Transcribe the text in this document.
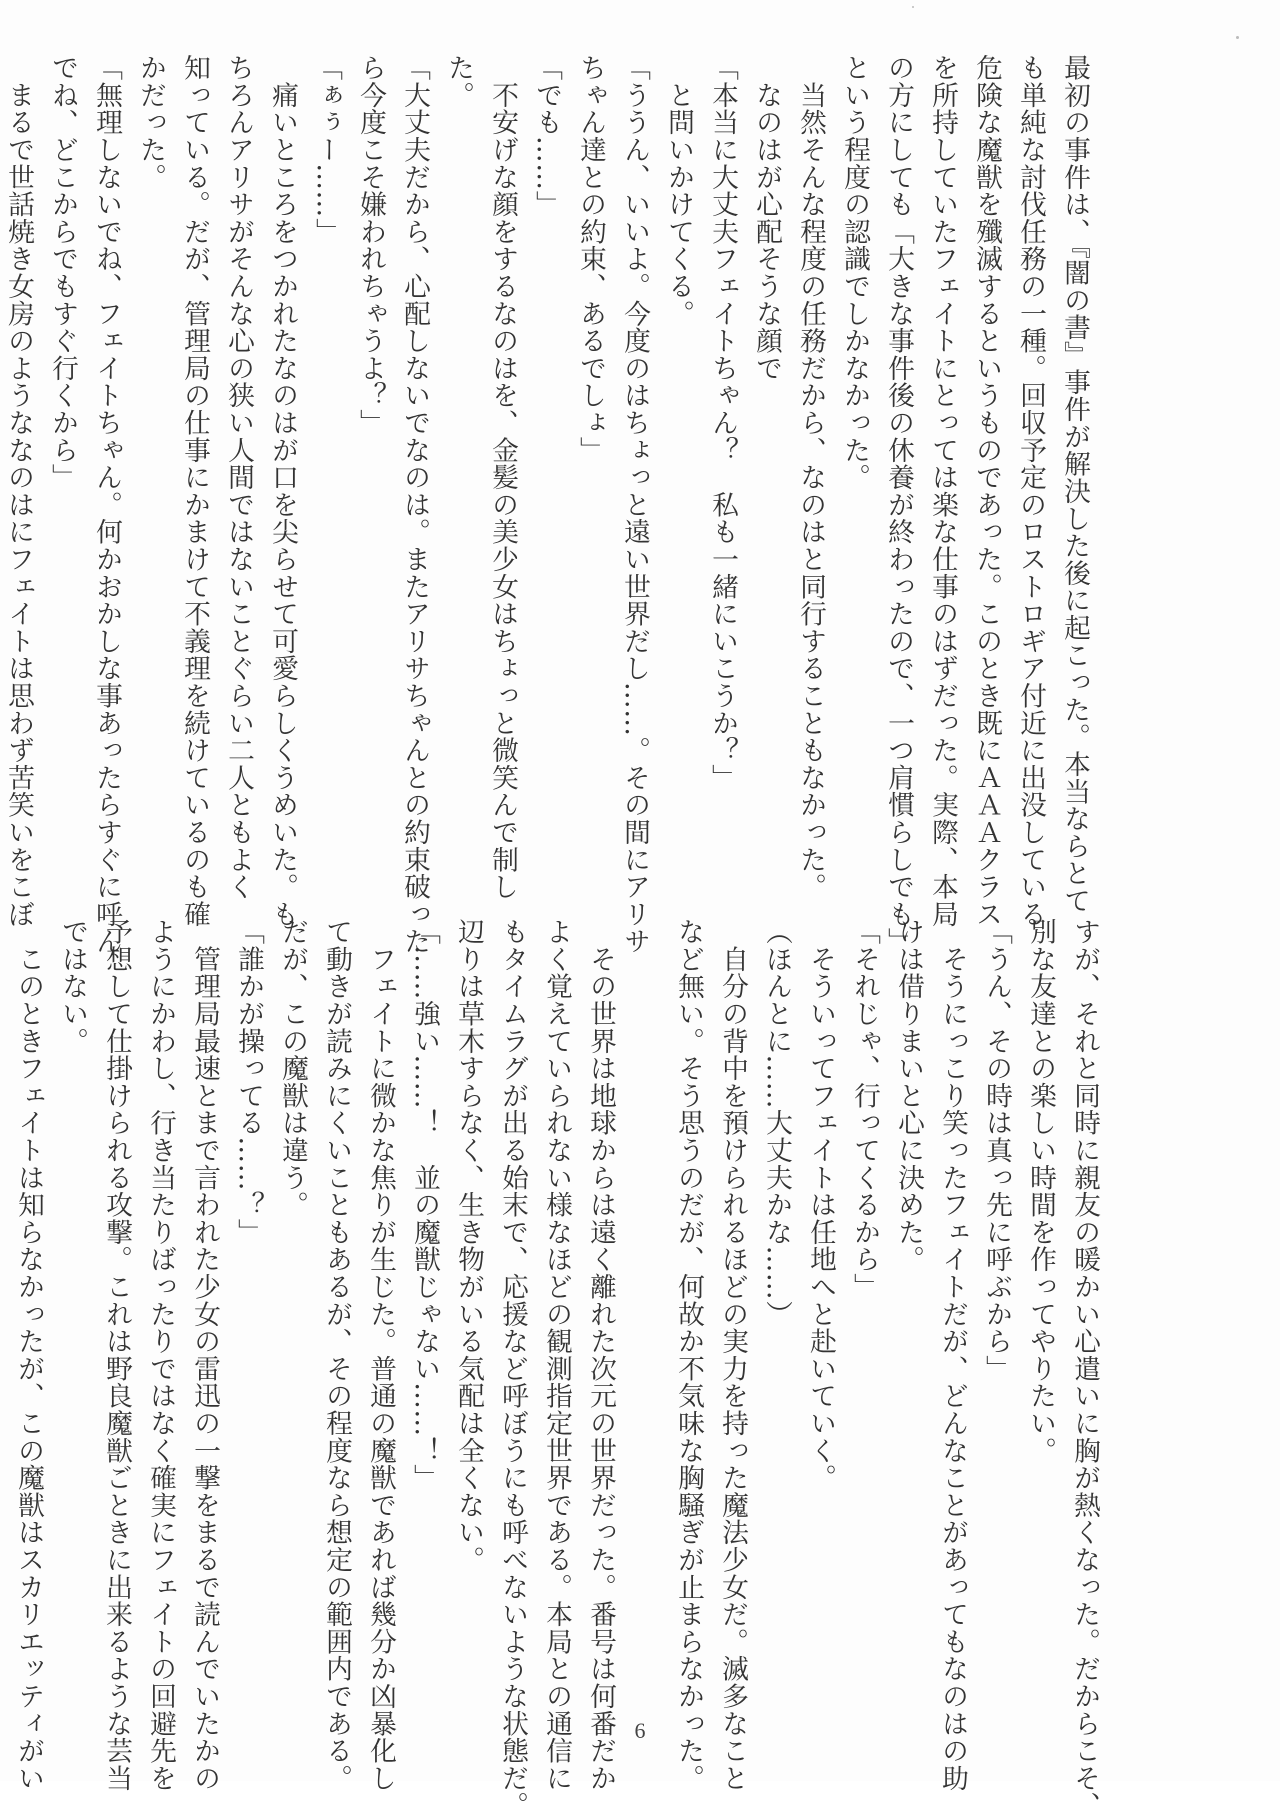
最初の事件は、『闇の書』事件が解決した後に起こった。本当ならとて
も単純な討伐任務の一種。回収予定のロストロギア付近に出没している
危険な魔獣を殲滅するというものであった。このとき既にＡＡＡクラス
を所持していたフェイトにとっては楽な仕事のはずだった。実際、本局
の方にしても「大きな事件後の休養が終わったので、一つ肩慣らしでも」
という程度の認識でしかなかった。
　当然そんな程度の任務だから、なのはと同行することもなかった。
　なのはが心配そうな顔で
「本当に大丈夫フェイトちゃん？　私も一緒にいこうか？」
　と問いかけてくる。
「ううん、いいよ。今度のはちょっと遠い世界だし……。その間にアリサ
ちゃん達との約束、あるでしょ」
「でも……」
　不安げな顔をするなのはを、金髪の美少女はちょっと微笑んで制し
た。
「大丈夫だから、心配しないでなのは。またアリサちゃんとの約束破った
ら今度こそ嫌われちゃうよ？」
「ぁぅー……」
　痛いところをつかれたなのはが口を尖らせて可愛らしくうめいた。も
ちろんアリサがそんな心の狭い人間ではないことぐらい二人ともよく
知っている。だが、管理局の仕事にかまけて不義理を続けているのも確
かだった。
「無理しないでね、フェイトちゃん。何かおかしな事あったらすぐに呼ん
でね、どこからでもすぐ行くから」
　まるで世話焼き女房のようななのはにフェイトは思わず苦笑いをこぼ
すが、それと同時に親友の暖かい心遣いに胸が熱くなった。だからこそ、
別な友達との楽しい時間を作ってやりたい。
「うん、その時は真っ先に呼ぶから」
　そうにっこり笑ったフェイトだが、どんなことがあってもなのはの助
けは借りまいと心に決めた。
「それじゃ、行ってくるから」
　そういってフェイトは任地へと赴いていく。
（ほんとに……大丈夫かな……）
　自分の背中を預けられるほどの実力を持った魔法少女だ。滅多なこと
など無い。そう思うのだが、何故か不気味な胸騒ぎが止まらなかった。

　その世界は地球からは遠く離れた次元の世界だった。番号は何番だか
よく覚えていられない様なほどの観測指定世界である。本局との通信に
もタイムラグが出る始末で、応援など呼ぼうにも呼べないような状態だ。
辺りは草木すらなく、生き物がいる気配は全くない。
「……強い……！　並の魔獣じゃない……！」
　フェイトに微かな焦りが生じた。普通の魔獣であれば幾分か凶暴化し
て動きが読みにくいこともあるが、その程度なら想定の範囲内である。
だが、この魔獣は違う。
「誰かが操ってる……？」
　管理局最速とまで言われた少女の雷迅の一撃をまるで読んでいたかの
ようにかわし、行き当たりばったりではなく確実にフェイトの回避先を
予想して仕掛けられる攻撃。これは野良魔獣ごときに出来るような芸当
ではない。
　このときフェイトは知らなかったが、この魔獣はスカリエッティがい	6
